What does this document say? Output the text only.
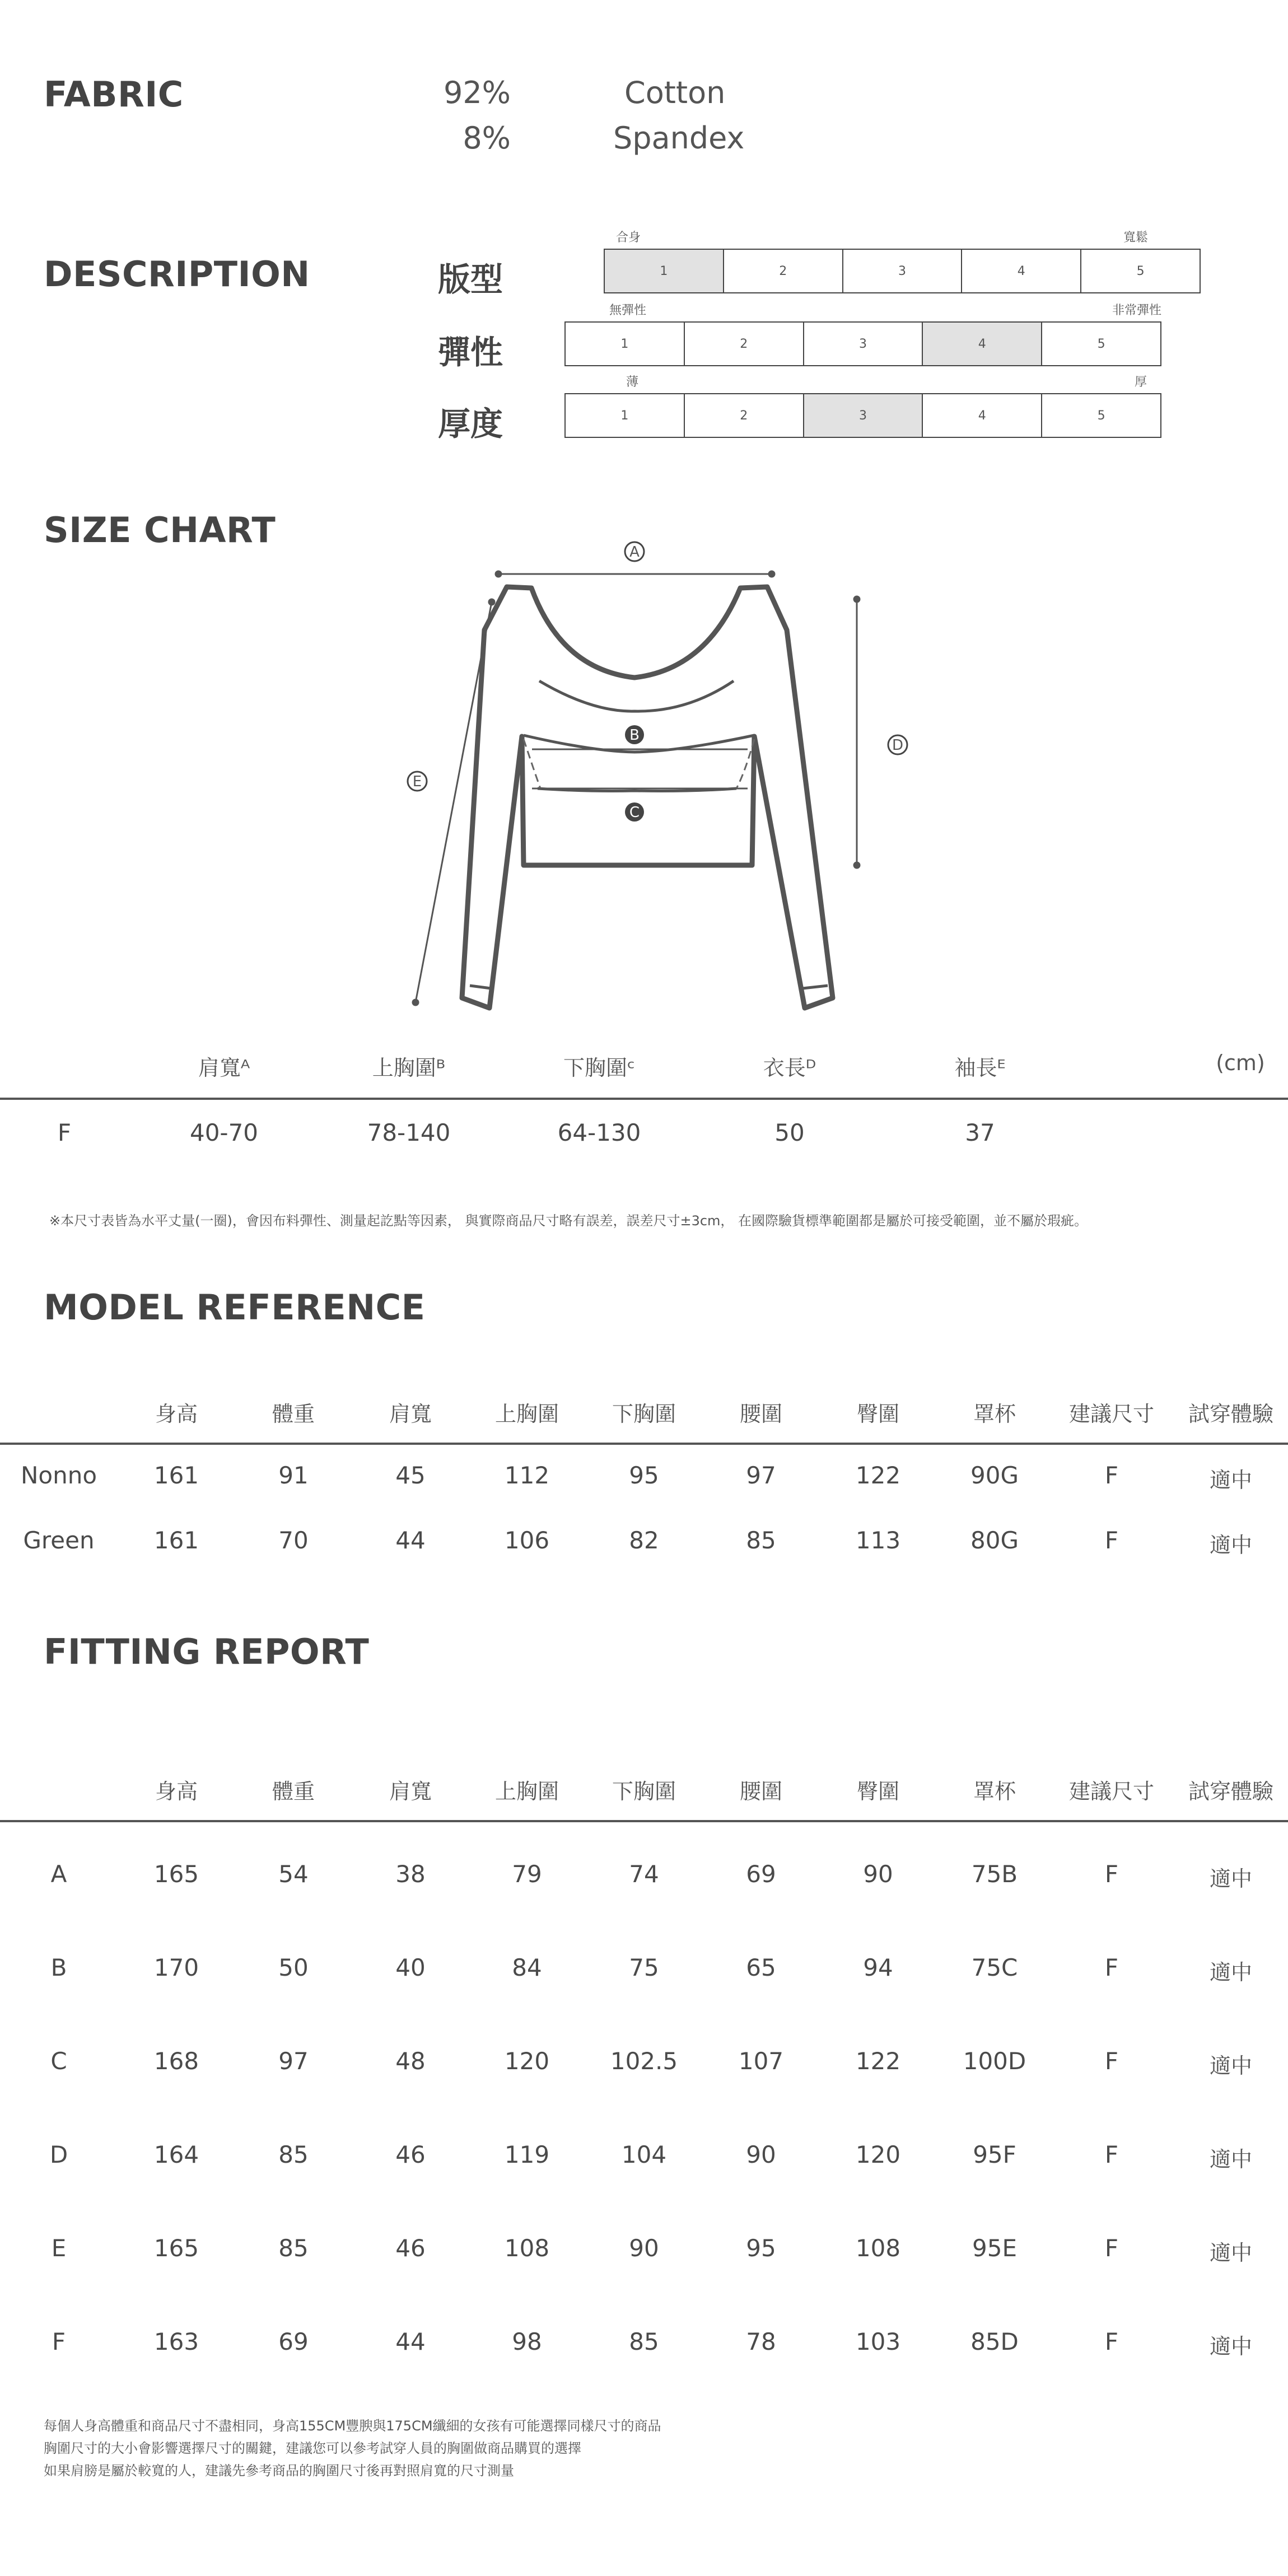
FABRIC	92%	Cotton
8%	Spandex
DESCRIPTION
合身	寬鬆
版型	1	2	3	4	5
無彈性	非常彈性
彈性	1	2	3	4	5
薄	厚
厚度	1	2	3	4	5
SIZE CHART
A
B
C
D
E
肩寬ᴬ	上胸圍ᴮ	下胸圍ᶜ	衣長ᴰ	袖長ᴱ	(cm)
F	40-70	78-140	64-130	50	37
※本尺寸表皆為水平丈量(一圈)，會因布料彈性、測量起訖點等因素， 與實際商品尺寸略有誤差，誤差尺寸±3cm， 在國際驗貨標準範圍都是屬於可接受範圍，並不屬於瑕疵。
MODEL REFERENCE
身高	體重	肩寬	上胸圍	下胸圍	腰圍	臀圍	罩杯	建議尺寸	試穿體驗
Nonno	161	91	45	112	95	97	122	90G	F	適中
Green	161	70	44	106	82	85	113	80G	F	適中
FITTING REPORT
身高	體重	肩寬	上胸圍	下胸圍	腰圍	臀圍	罩杯	建議尺寸	試穿體驗
A	165	54	38	79	74	69	90	75B	F	適中
B	170	50	40	84	75	65	94	75C	F	適中
C	168	97	48	120	102.5	107	122	100D	F	適中
D	164	85	46	119	104	90	120	95F	F	適中
E	165	85	46	108	90	95	108	95E	F	適中
F	163	69	44	98	85	78	103	85D	F	適中
每個人身高體重和商品尺寸不盡相同，身高155CM豐腴與175CM纖細的女孩有可能選擇同樣尺寸的商品
胸圍尺寸的大小會影響選擇尺寸的關鍵，建議您可以參考試穿人員的胸圍做商品購買的選擇
如果肩膀是屬於較寬的人，建議先參考商品的胸圍尺寸後再對照肩寬的尺寸測量
